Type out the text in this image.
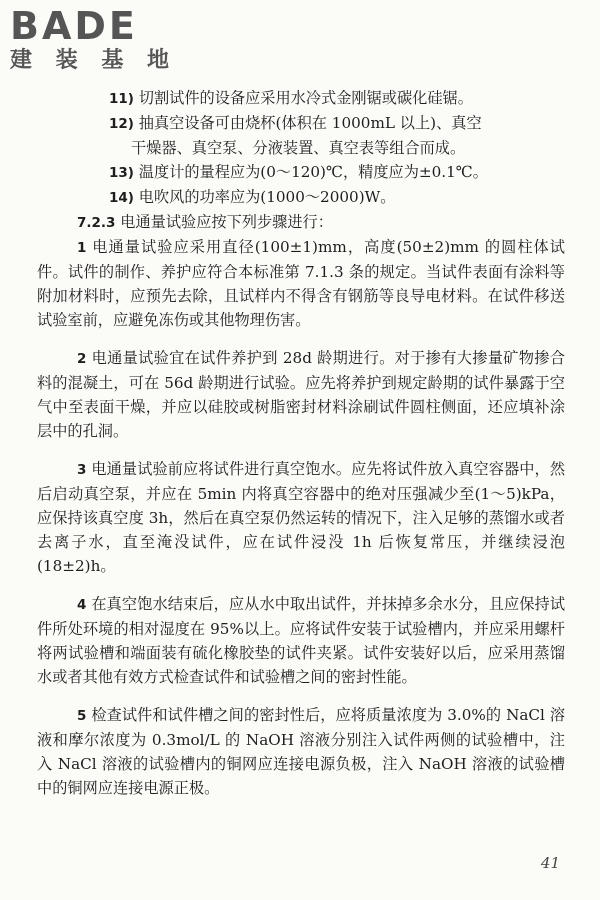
BADE
建 装 基 地

11) 切割试件的设备应采用水冷式金刚锯或碳化硅锯。

12) 抽真空设备可由烧杯(体积在 1000mL 以上)、真空
干燥器、真空泵、分液装置、真空表等组合而成。

13) 温度计的量程应为(0～120)℃，精度应为±0.1℃。

14) 电吹风的功率应为(1000～2000)W。

7.2.3 电通量试验应按下列步骤进行：

1 电通量试验应采用直径(100±1)mm，高度(50±2)mm 的圆柱体试件。试件的制作、养护应符合本标准第 7.1.3 条的规定。当试件表面有涂料等附加材料时，应预先去除，且试样内不得含有钢筋等良导电材料。在试件移送试验室前，应避免冻伤或其他物理伤害。

2 电通量试验宜在试件养护到 28d 龄期进行。对于掺有大掺量矿物掺合料的混凝土，可在 56d 龄期进行试验。应先将养护到规定龄期的试件暴露于空气中至表面干燥，并应以硅胶或树脂密封材料涂刷试件圆柱侧面，还应填补涂层中的孔洞。

3 电通量试验前应将试件进行真空饱水。应先将试件放入真空容器中，然后启动真空泵，并应在 5min 内将真空容器中的绝对压强减少至(1～5)kPa，应保持该真空度 3h，然后在真空泵仍然运转的情况下，注入足够的蒸馏水或者去离子水，直至淹没试件，应在试件浸没 1h 后恢复常压，并继续浸泡(18±2)h。

4 在真空饱水结束后，应从水中取出试件，并抹掉多余水分，且应保持试件所处环境的相对湿度在 95%以上。应将试件安装于试验槽内，并应采用螺杆将两试验槽和端面装有硫化橡胶垫的试件夹紧。试件安装好以后，应采用蒸馏水或者其他有效方式检查试件和试验槽之间的密封性能。

5 检查试件和试件槽之间的密封性后，应将质量浓度为 3.0%的 NaCl 溶液和摩尔浓度为 0.3mol/L 的 NaOH 溶液分别注入试件两侧的试验槽中，注入 NaCl 溶液的试验槽内的铜网应连接电源负极，注入 NaOH 溶液的试验槽中的铜网应连接电源正极。

41
